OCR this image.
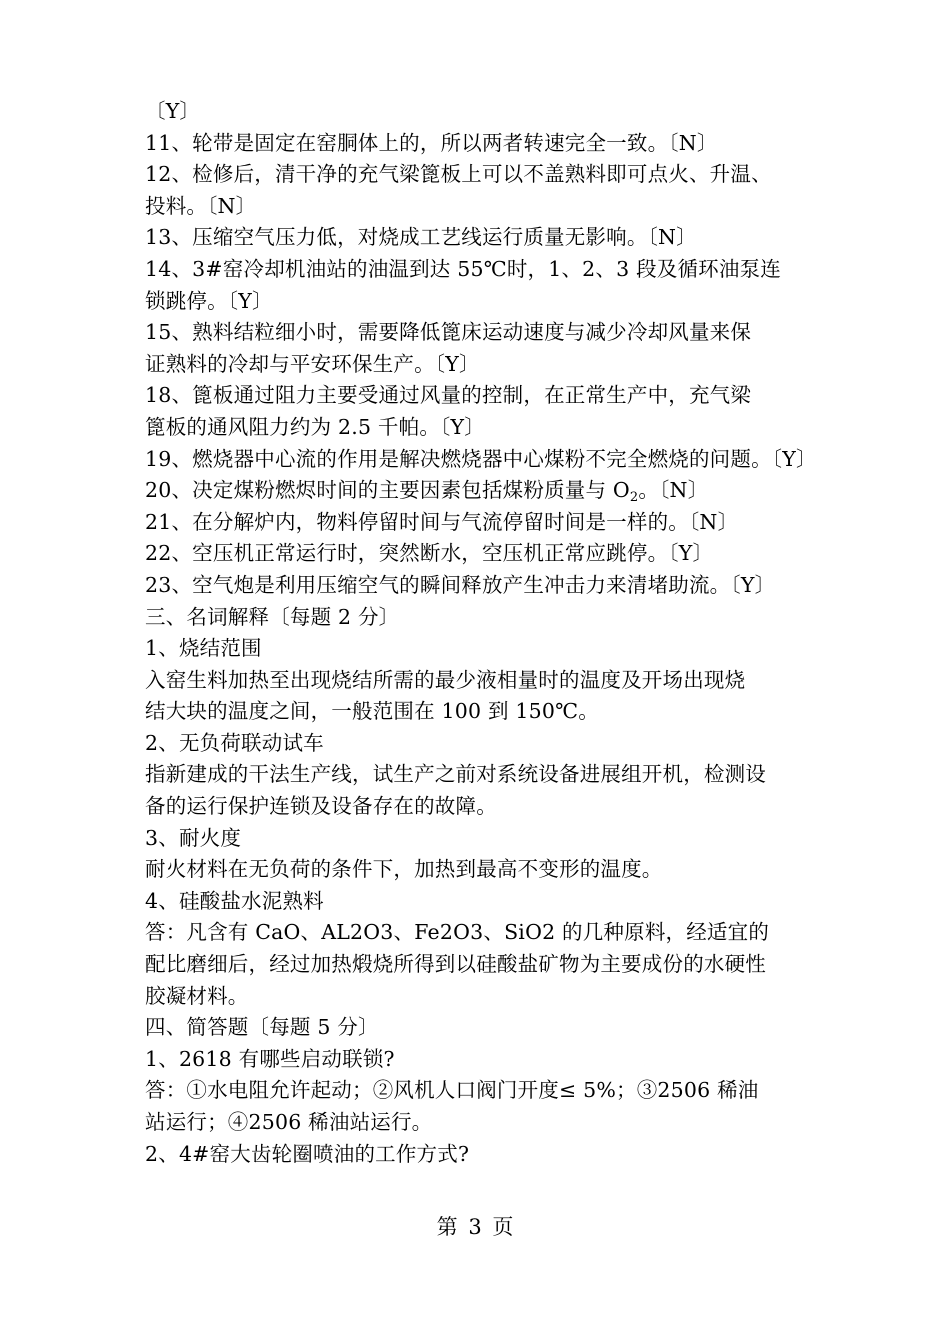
〔Y〕
11、轮带是固定在窑胴体上的，所以两者转速完全一致。〔N〕
12、检修后，清干净的充气梁篦板上可以不盖熟料即可点火、升温、
投料。〔N〕
13、压缩空气压力低，对烧成工艺线运行质量无影响。〔N〕
14、3#窑冷却机油站的油温到达 55℃时，1、2、3 段及循环油泵连
锁跳停。〔Y〕
15、熟料结粒细小时，需要降低篦床运动速度与减少冷却风量来保
证熟料的冷却与平安环保生产。〔Y〕
18、篦板通过阻力主要受通过风量的控制，在正常生产中，充气梁
篦板的通风阻力约为 2.5 千帕。〔Y〕
19、燃烧器中心流的作用是解决燃烧器中心煤粉不完全燃烧的问题。〔Y〕
20、决定煤粉燃烬时间的主要因素包括煤粉质量与 $O_2$。〔N〕
21、在分解炉内，物料停留时间与气流停留时间是一样的。〔N〕
22、空压机正常运行时，突然断水，空压机正常应跳停。〔Y〕
23、空气炮是利用压缩空气的瞬间释放产生冲击力来清堵助流。〔Y〕
三、名词解释〔每题 2 分〕
1、烧结范围
入窑生料加热至出现烧结所需的最少液相量时的温度及开场出现烧
结大块的温度之间，一般范围在 100 到 150℃。
2、无负荷联动试车
指新建成的干法生产线，试生产之前对系统设备进展组开机，检测设
备的运行保护连锁及设备存在的故障。
3、耐火度
耐火材料在无负荷的条件下，加热到最高不变形的温度。
4、硅酸盐水泥熟料
答：凡含有 CaO、AL2O3、Fe2O3、SiO2 的几种原料，经适宜的
配比磨细后，经过加热煅烧所得到以硅酸盐矿物为主要成份的水硬性
胶凝材料。
四、简答题〔每题 5 分〕
1、2618 有哪些启动联锁?
答：①水电阻允许起动；②风机人口阀门开度≤ 5%；③2506 稀油
站运行；④2506 稀油站运行。
2、4#窑大齿轮圈喷油的工作方式?
第 3 页
